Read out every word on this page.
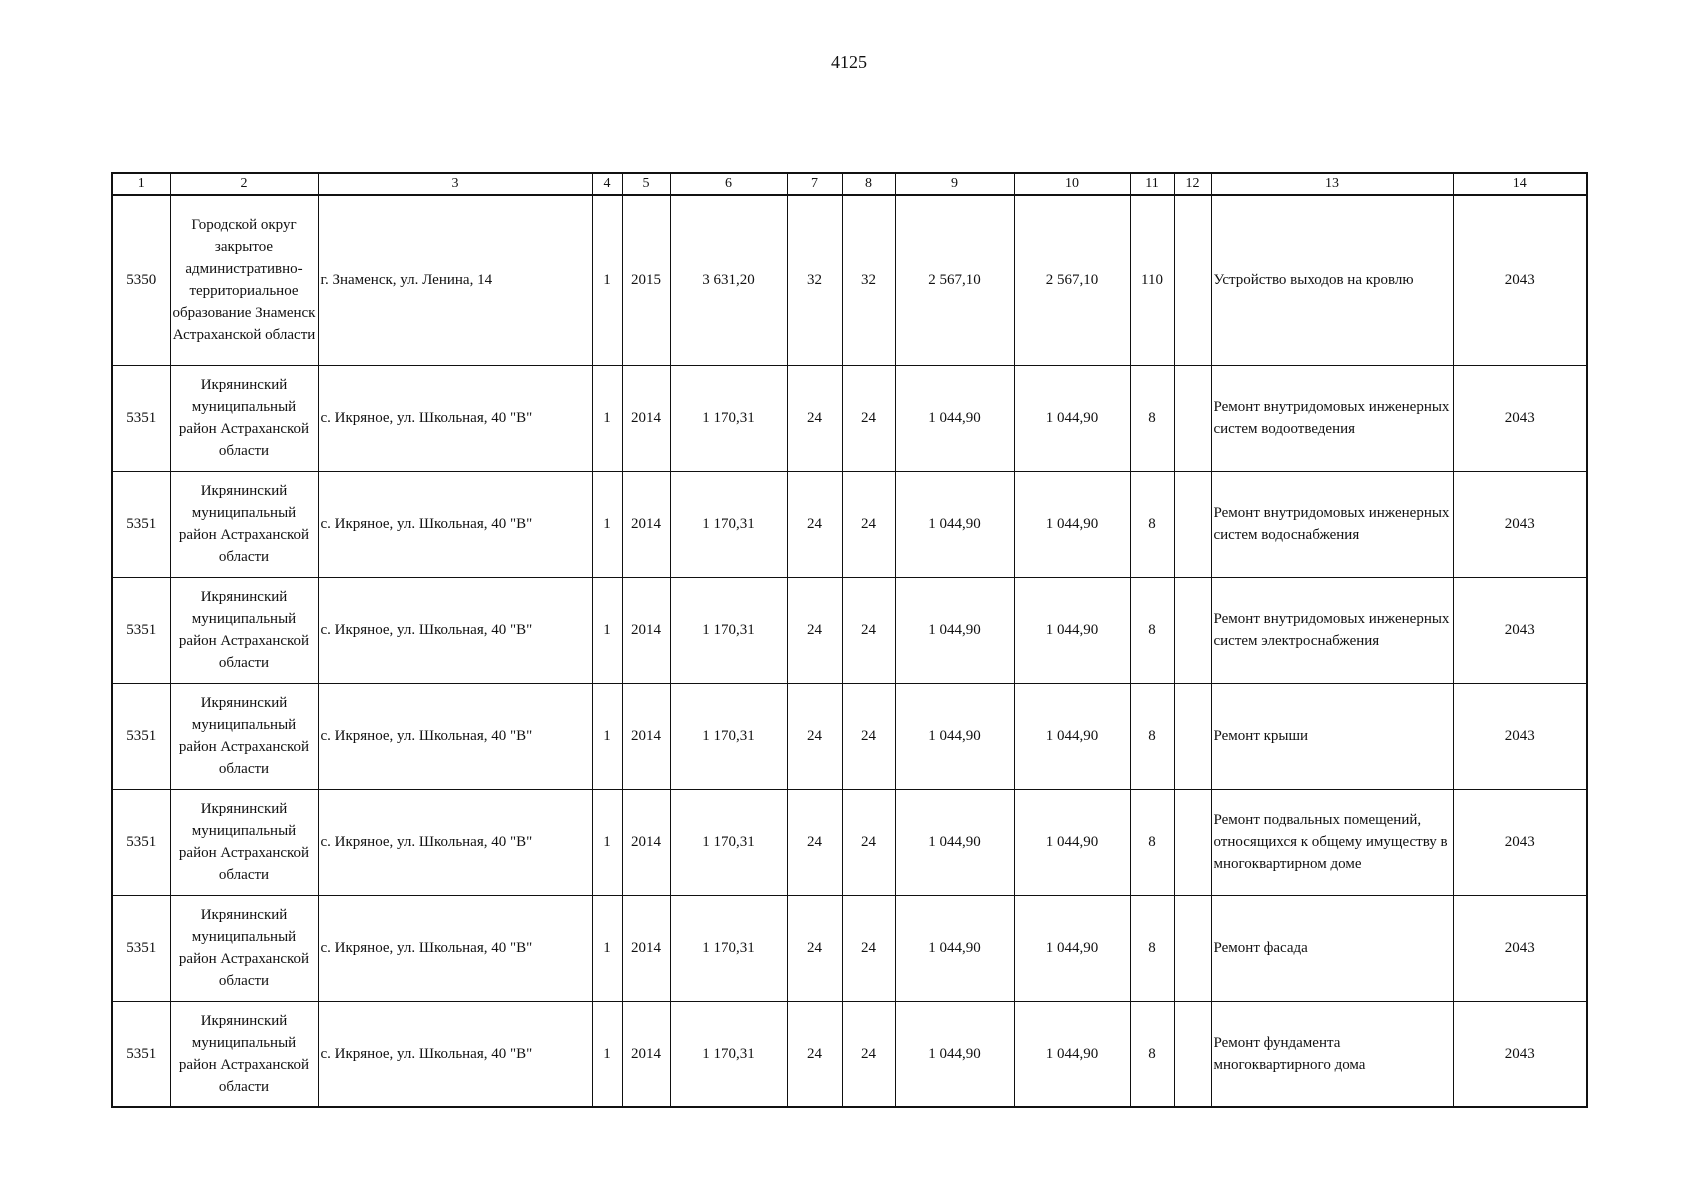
4125
1	2	3	4	5	6	7	8	9	10	11	12	13	14
5350	Городской округ закрытое административно-территориальное образование Знаменск Астраханской области	г. Знаменск, ул. Ленина, 14	1	2015	3 631,20	32	32	2 567,10	2 567,10	110		Устройство выходов на кровлю	2043
5351	Икрянинский муниципальный район Астраханской области	с. Икряное, ул. Школьная, 40 "В"	1	2014	1 170,31	24	24	1 044,90	1 044,90	8		Ремонт внутридомовых инженерных систем водоотведения	2043
5351	Икрянинский муниципальный район Астраханской области	с. Икряное, ул. Школьная, 40 "В"	1	2014	1 170,31	24	24	1 044,90	1 044,90	8		Ремонт внутридомовых инженерных систем водоснабжения	2043
5351	Икрянинский муниципальный район Астраханской области	с. Икряное, ул. Школьная, 40 "В"	1	2014	1 170,31	24	24	1 044,90	1 044,90	8		Ремонт внутридомовых инженерных систем электроснабжения	2043
5351	Икрянинский муниципальный район Астраханской области	с. Икряное, ул. Школьная, 40 "В"	1	2014	1 170,31	24	24	1 044,90	1 044,90	8		Ремонт крыши	2043
5351	Икрянинский муниципальный район Астраханской области	с. Икряное, ул. Школьная, 40 "В"	1	2014	1 170,31	24	24	1 044,90	1 044,90	8		Ремонт подвальных помещений, относящихся к общему имуществу в многоквартирном доме	2043
5351	Икрянинский муниципальный район Астраханской области	с. Икряное, ул. Школьная, 40 "В"	1	2014	1 170,31	24	24	1 044,90	1 044,90	8		Ремонт фасада	2043
5351	Икрянинский муниципальный район Астраханской области	с. Икряное, ул. Школьная, 40 "В"	1	2014	1 170,31	24	24	1 044,90	1 044,90	8		Ремонт фундамента многоквартирного дома	2043
